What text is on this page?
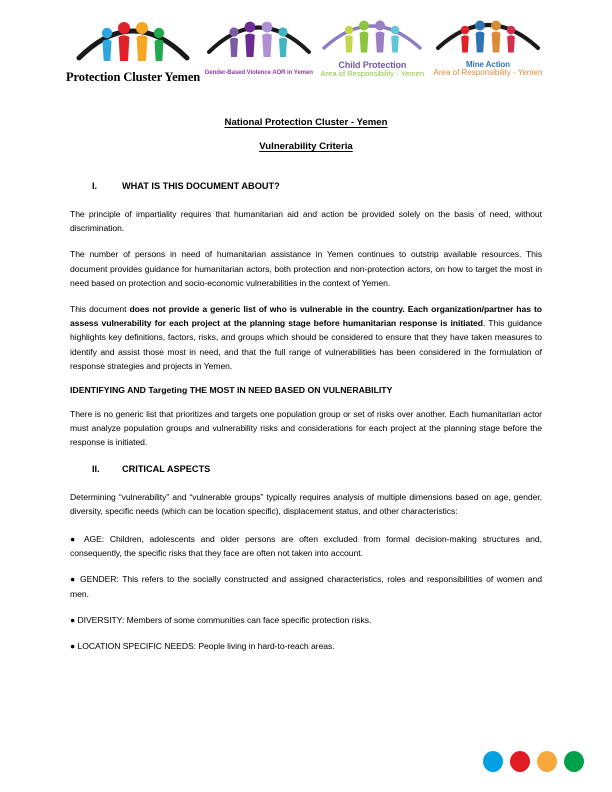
Protection Cluster Yemen Gender-Based Violence AOR in Yemen
Child Protection
Area of Responsibility - Yemen
Mine Action
Area of Responsibility - Yemen
National Protection Cluster - Yemen
Vulnerability Criteria
I.	WHAT IS THIS DOCUMENT ABOUT?

The principle of impartiality requires that humanitarian aid and action be provided solely on the basis of need, without discrimination.

The number of persons in need of humanitarian assistance in Yemen continues to outstrip available resources. This document provides guidance for humanitarian actors, both protection and non-protection actors, on how to target the most in need based on protection and socio-economic vulnerabilities in the context of Yemen.

This document does not provide a generic list of who is vulnerable in the country. Each organization/partner has to assess vulnerability for each project at the planning stage before humanitarian response is initiated. This guidance highlights key definitions, factors, risks, and groups which should be considered to ensure that they have taken measures to identify and assist those most in need, and that the full range of vulnerabilities has been considered in the formulation of response strategies and projects in Yemen.

IDENTIFYING AND Targeting THE MOST IN NEED BASED ON VULNERABILITY

There is no generic list that prioritizes and targets one population group or set of risks over another. Each humanitarian actor must analyze population groups and vulnerability risks and considerations for each project at the planning stage before the response is initiated.

II.	CRITICAL ASPECTS

Determining “vulnerability” and “vulnerable groups” typically requires analysis of multiple dimensions based on age, gender, diversity, specific needs (which can be location specific), displacement status, and other characteristics:

● AGE: Children, adolescents and older persons are often excluded from formal decision-making structures and, consequently, the specific risks that they face are often not taken into account.

● GENDER: This refers to the socially constructed and assigned characteristics, roles and responsibilities of women and men.

● DIVERSITY: Members of some communities can face specific protection risks.

● LOCATION SPECIFIC NEEDS: People living in hard-to-reach areas.
